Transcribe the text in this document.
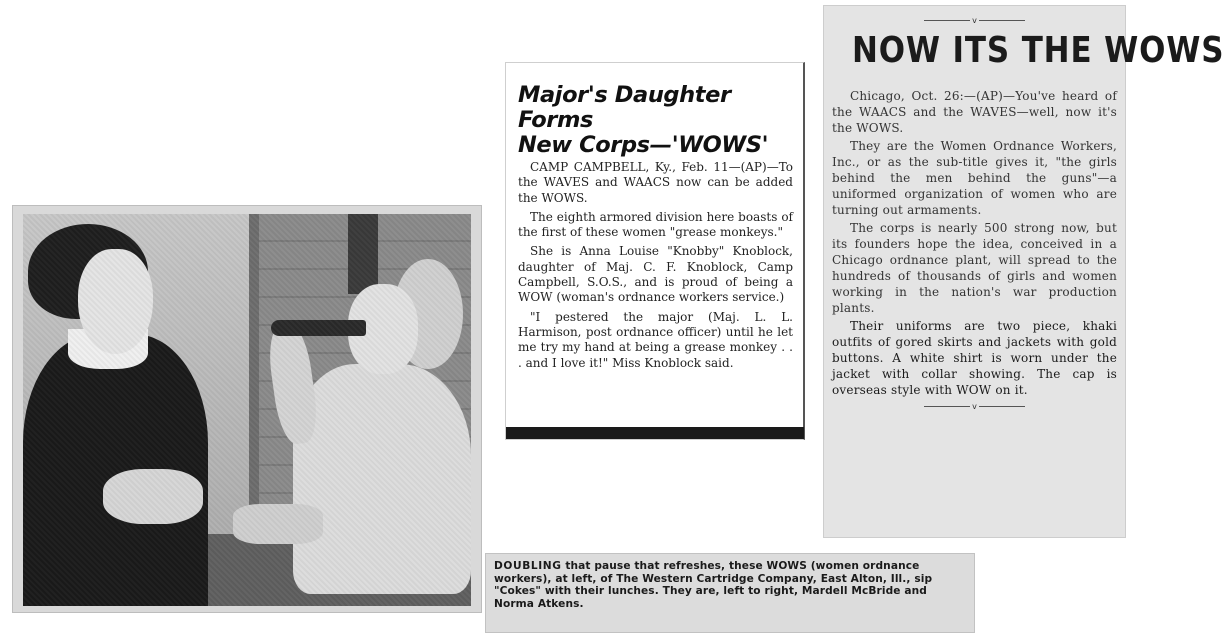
DOUBLING that pause that refreshes, these WOWS (women ordnance workers), at left, of The Western Cartridge Company, East Alton, Ill., sip "Cokes" with their lunches. They are, left to right, Mardell McBride and Norma Atkens.

Major's Daughter Forms
New Corps—'WOWS'

CAMP CAMPBELL, Ky., Feb. 11—(AP)—To the WAVES and WAACS now can be added the WOWS.

The eighth armored division here boasts of the first of these women "grease monkeys."

She is Anna Louise "Knobby" Knoblock, daughter of Maj. C. F. Knoblock, Camp Campbell, S.O.S., and is proud of being a WOW (woman's ordnance workers service.)

"I pestered the major (Maj. L. L. Harmison, post ordnance officer) until he let me try my hand at being a grease monkey . . . and I love it!" Miss Knoblock said.

v
NOW ITS THE WOWS

Chicago, Oct. 26:—(AP)—You've heard of the WAACS and the WAVES—well, now it's the WOWS.

They are the Women Ordnance Workers, Inc., or as the sub-title gives it, "the girls behind the men behind the guns"—a uniformed organization of women who are turning out armaments.

The corps is nearly 500 strong now, but its founders hope the idea, conceived in a Chicago ordnance plant, will spread to the hundreds of thousands of girls and women working in the nation's war production plants.

Their uniforms are two piece, khaki outfits of gored skirts and jackets with gold buttons. A white shirt is worn under the jacket with collar showing. The cap is overseas style with WOW on it.

v
